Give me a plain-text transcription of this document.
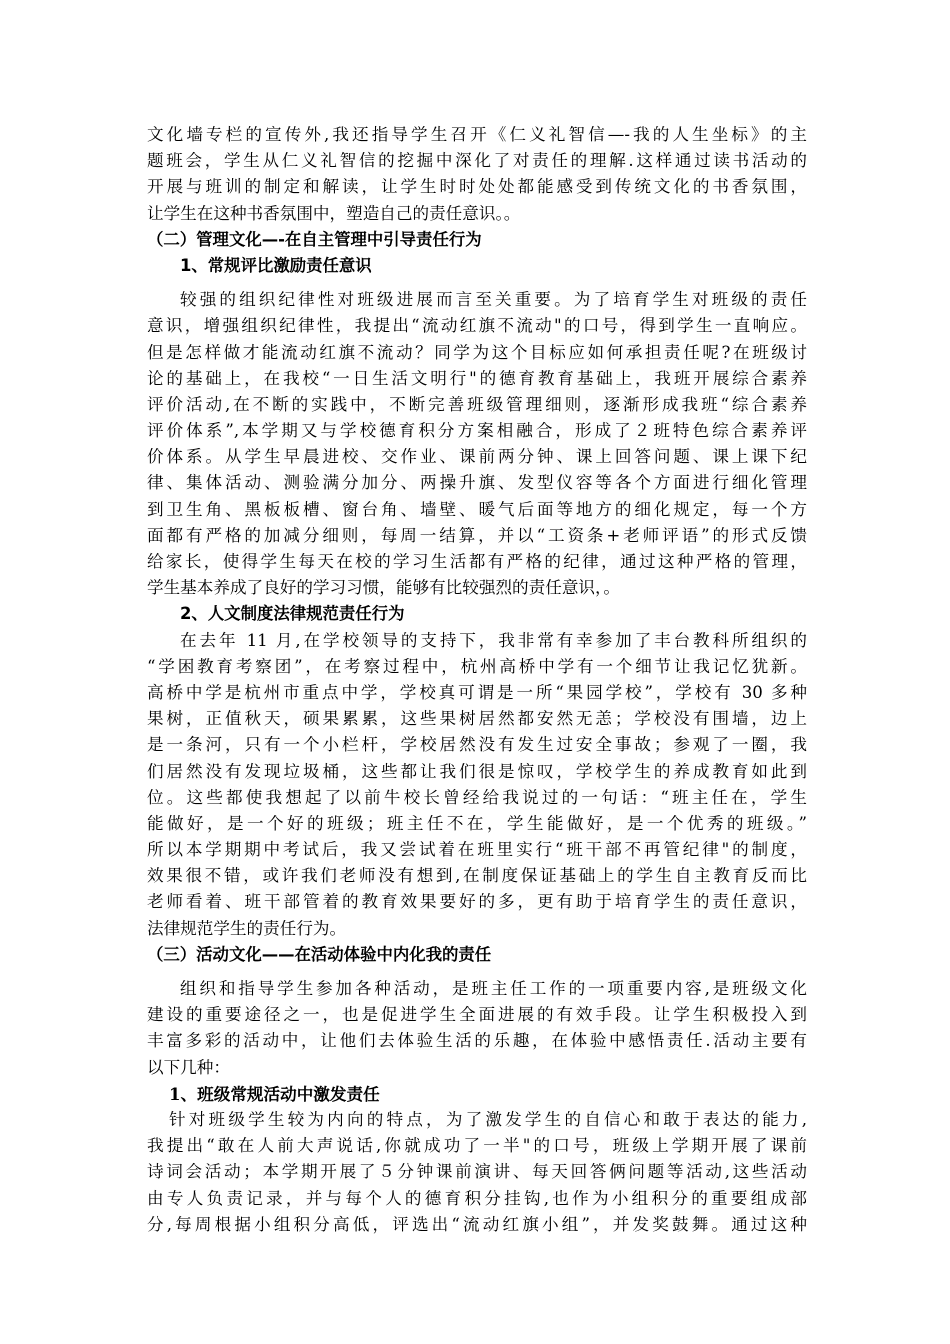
文化墙专栏的宣传外,我还指导学生召开《仁义礼智信—-我的人生坐标》的主
题班会，学生从仁义礼智信的挖掘中深化了对责任的理解.这样通过读书活动的
开展与班训的制定和解读，让学生时时处处都能感受到传统文化的书香氛围，
让学生在这种书香氛围中，塑造自己的责任意识。。
（二）管理文化—-在自主管理中引导责任行为
1、常规评比激励责任意识
较强的组织纪律性对班级进展而言至关重要。为了培育学生对班级的责任
意识，增强组织纪律性，我提出“流动红旗不流动"的口号，得到学生一直响应。
但是怎样做才能流动红旗不流动？同学为这个目标应如何承担责任呢?在班级讨
论的基础上，在我校“一日生活文明行"的德育教育基础上，我班开展综合素养
评价活动,在不断的实践中，不断完善班级管理细则，逐渐形成我班“综合素养
评价体系”,本学期又与学校德育积分方案相融合，形成了２班特色综合素养评
价体系。从学生早晨进校、交作业、课前两分钟、课上回答问题、课上课下纪
律、集体活动、测验满分加分、两操升旗、发型仪容等各个方面进行细化管理
到卫生角、黑板板槽、窗台角、墙壁、暖气后面等地方的细化规定，每一个方
面都有严格的加减分细则，每周一结算，并以“工资条+老师评语”的形式反馈
给家长，使得学生每天在校的学习生活都有严格的纪律，通过这种严格的管理，
学生基本养成了良好的学习习惯，能够有比较强烈的责任意识，。
2、人文制度法律规范责任行为
在去年 11 月,在学校领导的支持下，我非常有幸参加了丰台教科所组织的
“学困教育考察团”，在考察过程中，杭州高桥中学有一个细节让我记忆犹新。
高桥中学是杭州市重点中学，学校真可谓是一所“果园学校”，学校有 30 多种
果树，正值秋天，硕果累累，这些果树居然都安然无恙；学校没有围墙，边上
是一条河，只有一个小栏杆，学校居然没有发生过安全事故；参观了一圈，我
们居然没有发现垃圾桶，这些都让我们很是惊叹，学校学生的养成教育如此到
位。这些都使我想起了以前牛校长曾经给我说过的一句话：“班主任在，学生
能做好，是一个好的班级；班主任不在，学生能做好，是一个优秀的班级。”
所以本学期期中考试后，我又尝试着在班里实行“班干部不再管纪律"的制度，
效果很不错，或许我们老师没有想到,在制度保证基础上的学生自主教育反而比
老师看着、班干部管着的教育效果要好的多，更有助于培育学生的责任意识，
法律规范学生的责任行为。
（三）活动文化——在活动体验中内化我的责任
组织和指导学生参加各种活动，是班主任工作的一项重要内容,是班级文化
建设的重要途径之一，也是促进学生全面进展的有效手段。让学生积极投入到
丰富多彩的活动中，让他们去体验生活的乐趣，在体验中感悟责任.活动主要有
以下几种：
1、班级常规活动中激发责任
针对班级学生较为内向的特点，为了激发学生的自信心和敢于表达的能力,
我提出“敢在人前大声说话,你就成功了一半"的口号，班级上学期开展了课前
诗词会活动；本学期开展了５分钟课前演讲、每天回答俩问题等活动,这些活动
由专人负责记录，并与每个人的德育积分挂钩,也作为小组积分的重要组成部
分,每周根据小组积分高低，评选出“流动红旗小组”，并发奖鼓舞。通过这种
